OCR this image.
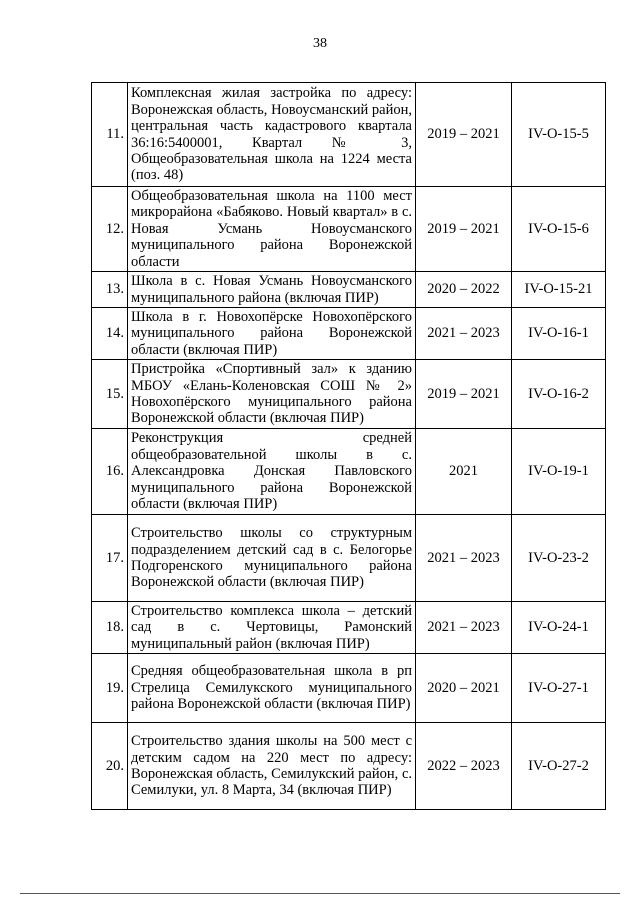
38
11.	Комплексная жилая застройка по адресу: Воронежская область, Новоусманский район, центральная часть кадастрового квартала 36:16:5400001, Квартал № 3, Общеобразовательная школа на 1224 места (поз. 48)	2019 – 2021	IV-О-15-5
12.	Общеобразовательная школа на 1100 мест микрорайона «Бабяково. Новый квартал» в с. Новая Усмань Новоусманского муниципального района Воронежской области	2019 – 2021	IV-О-15-6
13.	Школа в с. Новая Усмань Новоусманского муниципального района (включая ПИР)	2020 – 2022	IV-О-15-21
14.	Школа в г. Новохопёрске Новохопёрского муниципального района Воронежской области (включая ПИР)	2021 – 2023	IV-О-16-1
15.	Пристройка «Спортивный зал» к зданию МБОУ «Елань-Коленовская СОШ № 2» Новохопёрского муниципального района Воронежской области (включая ПИР)	2019 – 2021	IV-О-16-2
16.	Реконструкция средней общеобразовательной школы в с. Александровка Донская Павловского муниципального района Воронежской области (включая ПИР)	2021	IV-О-19-1
17.	Строительство школы со структурным подразделением детский сад в с. Белогорье Подгоренского муниципального района Воронежской области (включая ПИР)	2021 – 2023	IV-О-23-2
18.	Строительство комплекса школа – детский сад в с. Чертовицы, Рамонский муниципальный район (включая ПИР)	2021 – 2023	IV-О-24-1
19.	Средняя общеобразовательная школа в рп Стрелица Семилукского муниципального района Воронежской области (включая ПИР)	2020 – 2021	IV-О-27-1
20.	Строительство здания школы на 500 мест с детским садом на 220 мест по адресу: Воронежская область, Семилукский район, с. Семилуки, ул. 8 Марта, 34 (включая ПИР)	2022 – 2023	IV-О-27-2
